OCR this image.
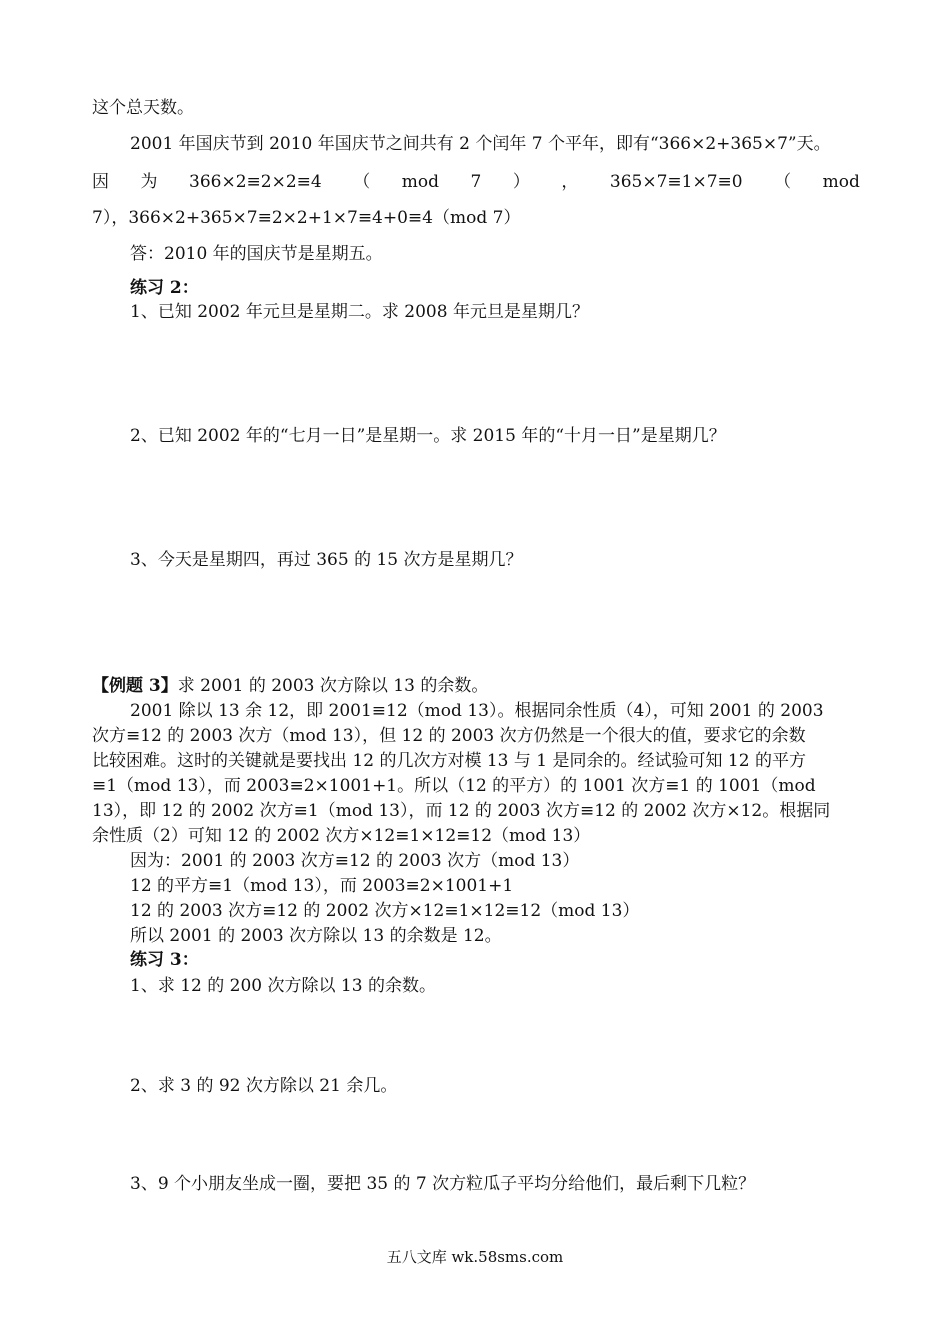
这个总天数。
2001 年国庆节到 2010 年国庆节之间共有 2 个闰年 7 个平年，即有“366×2+365×7”天。
因 为 366×2≡2×2≡4 （ mod 7 ） ， 365×7≡1×7≡0 （ mod
7），366×2+365×7≡2×2+1×7≡4+0≡4（mod 7）
答：2010 年的国庆节是星期五。
练习 2：
1、已知 2002 年元旦是星期二。求 2008 年元旦是星期几？
2、已知 2002 年的“七月一日”是星期一。求 2015 年的“十月一日”是星期几？
3、今天是星期四，再过 365 的 15 次方是星期几？
【例题 3】求 2001 的 2003 次方除以 13 的余数。
2001 除以 13 余 12，即 2001≡12（mod 13）。根据同余性质（4），可知 2001 的 2003
次方≡12 的 2003 次方（mod 13），但 12 的 2003 次方仍然是一个很大的值，要求它的余数
比较困难。这时的关键就是要找出 12 的几次方对模 13 与 1 是同余的。经试验可知 12 的平方
≡1（mod 13），而 2003≡2×1001+1。所以（12 的平方）的 1001 次方≡1 的 1001（mod
13），即 12 的 2002 次方≡1（mod 13），而 12 的 2003 次方≡12 的 2002 次方×12。根据同
余性质（2）可知 12 的 2002 次方×12≡1×12≡12（mod 13）
因为：2001 的 2003 次方≡12 的 2003 次方（mod 13）
12 的平方≡1（mod 13），而 2003≡2×1001+1
12 的 2003 次方≡12 的 2002 次方×12≡1×12≡12（mod 13）
所以 2001 的 2003 次方除以 13 的余数是 12。
练习 3：
1、求 12 的 200 次方除以 13 的余数。
2、求 3 的 92 次方除以 21 余几。
3、9 个小朋友坐成一圈，要把 35 的 7 次方粒瓜子平均分给他们，最后剩下几粒？
五八文库 wk.58sms.com
